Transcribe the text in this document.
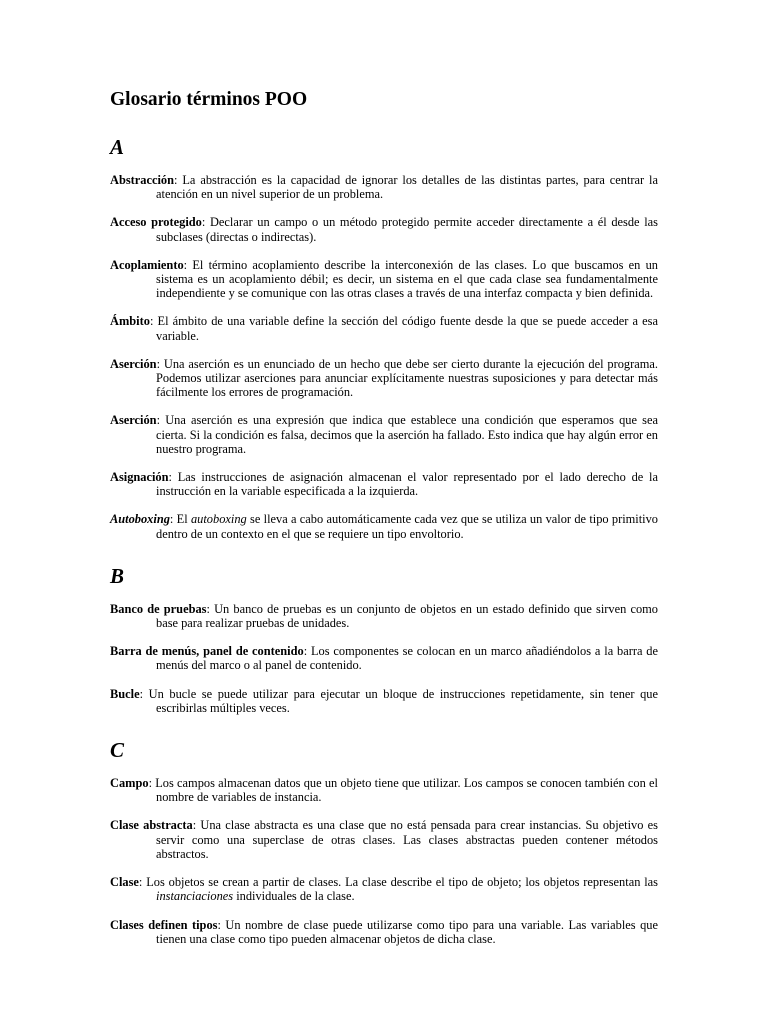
Glosario términos POO
A

Abstracción: La abstracción es la capacidad de ignorar los detalles de las distintas partes, para centrar la atención en un nivel superior de un problema.

Acceso protegido: Declarar un campo o un método protegido permite acceder directamente a él desde las subclases (directas o indirectas).

Acoplamiento: El término acoplamiento describe la interconexión de las clases. Lo que buscamos en un sistema es un acoplamiento débil; es decir, un sistema en el que cada clase sea fundamentalmente independiente y se comunique con las otras clases a través de una interfaz compacta y bien definida.

Ámbito: El ámbito de una variable define la sección del código fuente desde la que se puede acceder a esa variable.

Aserción: Una aserción es un enunciado de un hecho que debe ser cierto durante la ejecución del programa. Podemos utilizar aserciones para anunciar explícitamente nuestras suposiciones y para detectar más fácilmente los errores de programación.

Aserción: Una aserción es una expresión que indica que establece una condición que esperamos que sea cierta. Si la condición es falsa, decimos que la aserción ha fallado. Esto indica que hay algún error en nuestro programa.

Asignación: Las instrucciones de asignación almacenan el valor representado por el lado derecho de la instrucción en la variable especificada a la izquierda.

Autoboxing: El autoboxing se lleva a cabo automáticamente cada vez que se utiliza un valor de tipo primitivo dentro de un contexto en el que se requiere un tipo envoltorio.

B

Banco de pruebas: Un banco de pruebas es un conjunto de objetos en un estado definido que sirven como base para realizar pruebas de unidades.

Barra de menús, panel de contenido: Los componentes se colocan en un marco añadiéndolos a la barra de menús del marco o al panel de contenido.

Bucle: Un bucle se puede utilizar para ejecutar un bloque de instrucciones repetidamente, sin tener que escribirlas múltiples veces.

C

Campo: Los campos almacenan datos que un objeto tiene que utilizar. Los campos se conocen también con el nombre de variables de instancia.

Clase abstracta: Una clase abstracta es una clase que no está pensada para crear instancias. Su objetivo es servir como una superclase de otras clases. Las clases abstractas pueden contener métodos abstractos.

Clase: Los objetos se crean a partir de clases. La clase describe el tipo de objeto; los objetos representan las instanciaciones individuales de la clase.

Clases definen tipos: Un nombre de clase puede utilizarse como tipo para una variable. Las variables que tienen una clase como tipo pueden almacenar objetos de dicha clase.
